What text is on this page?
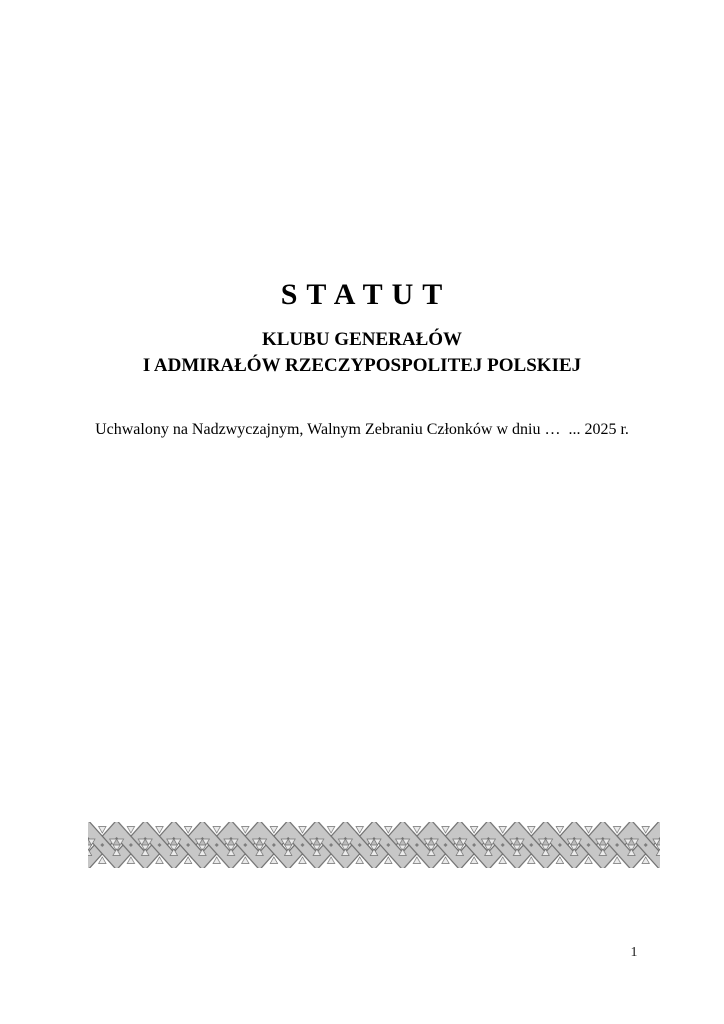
S T A T U T
KLUBU GENERAŁÓW
I ADMIRAŁÓW RZECZYPOSPOLITEJ POLSKIEJ
Uchwalony na Nadzwyczajnym, Walnym Zebraniu Członków w dniu …  ... 2025 r.
1
